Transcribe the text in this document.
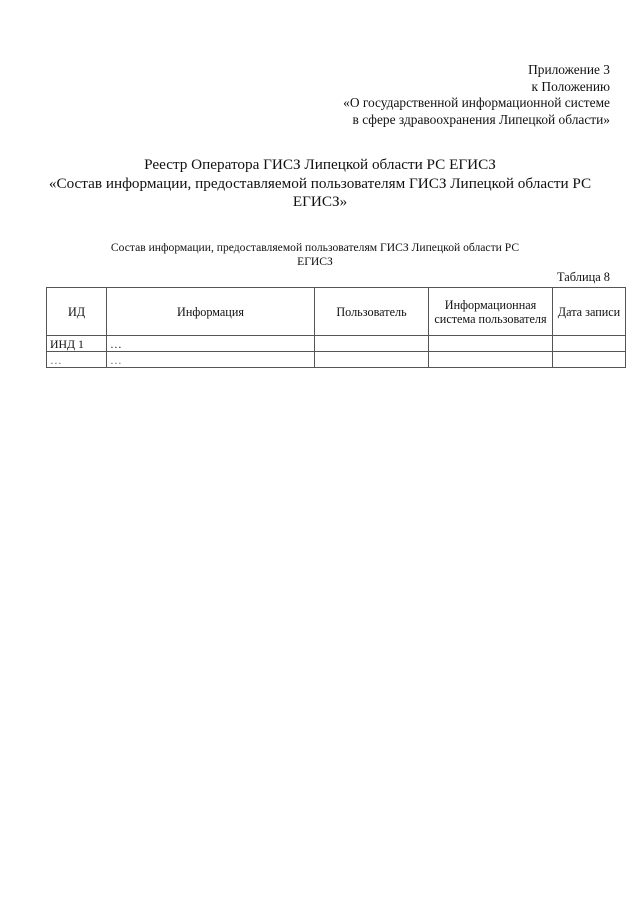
Приложение 3
к Положению
«О государственной информационной системе
в сфере здравоохранения Липецкой области»
Реестр Оператора ГИСЗ Липецкой области РС ЕГИСЗ
«Состав информации, предоставляемой пользователям ГИСЗ Липецкой области РС ЕГИСЗ»
Состав информации, предоставляемой пользователям ГИСЗ Липецкой области РС ЕГИСЗ
Таблица 8
ИД	Информация	Пользователь	Информационная система пользователя	Дата записи
ИНД 1	…			
…	…			
